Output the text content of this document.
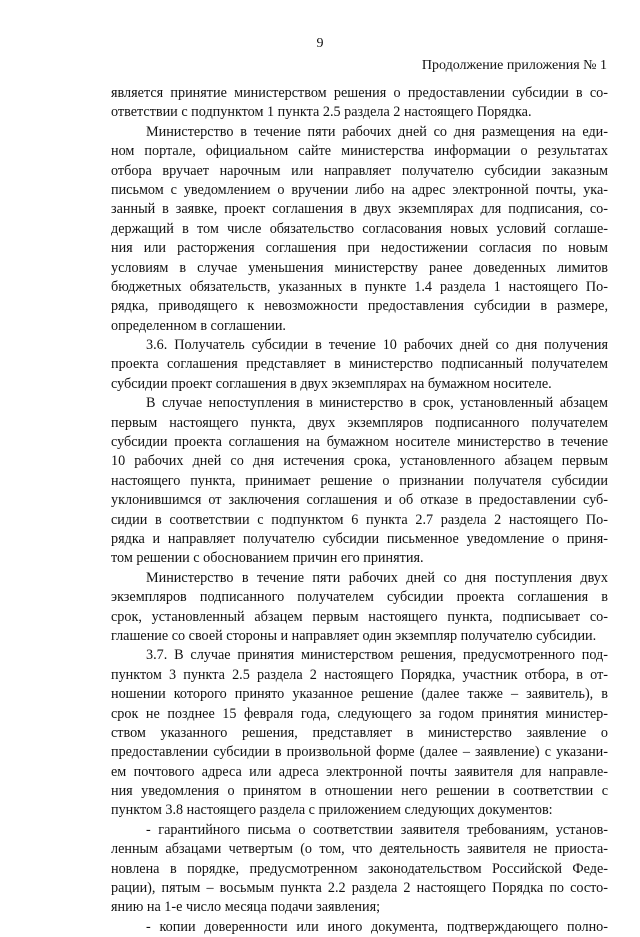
9
Продолжение приложения № 1
является принятие министерством решения о предоставлении субсидии в со-
ответствии с подпунктом 1 пункта 2.5 раздела 2 настоящего Порядка.
Министерство в течение пяти рабочих дней со дня размещения на еди-
ном портале, официальном сайте министерства информации о результатах
отбора вручает нарочным или направляет получателю субсидии заказным
письмом с уведомлением о вручении либо на адрес электронной почты, ука-
занный в заявке, проект соглашения в двух экземплярах для подписания, со-
держащий в том числе обязательство согласования новых условий соглаше-
ния или расторжения соглашения при недостижении согласия по новым
условиям в случае уменьшения министерству ранее доведенных лимитов
бюджетных обязательств, указанных в пункте 1.4 раздела 1 настоящего По-
рядка, приводящего к невозможности предоставления субсидии в размере,
определенном в соглашении.
3.6. Получатель субсидии в течение 10 рабочих дней со дня получения
проекта соглашения представляет в министерство подписанный получателем
субсидии проект соглашения в двух экземплярах на бумажном носителе.
В случае непоступления в министерство в срок, установленный абзацем
первым настоящего пункта, двух экземпляров подписанного получателем
субсидии проекта соглашения на бумажном носителе министерство в течение
10 рабочих дней со дня истечения срока, установленного абзацем первым
настоящего пункта, принимает решение о признании получателя субсидии
уклонившимся от заключения соглашения и об отказе в предоставлении суб-
сидии в соответствии с подпунктом 6 пункта 2.7 раздела 2 настоящего По-
рядка и направляет получателю субсидии письменное уведомление о приня-
том решении с обоснованием причин его принятия.
Министерство в течение пяти рабочих дней со дня поступления двух
экземпляров подписанного получателем субсидии проекта соглашения в
срок, установленный абзацем первым настоящего пункта, подписывает со-
глашение со своей стороны и направляет один экземпляр получателю субсидии.
3.7. В случае принятия министерством решения, предусмотренного под-
пунктом 3 пункта 2.5 раздела 2 настоящего Порядка, участник отбора, в от-
ношении которого принято указанное решение (далее также – заявитель), в
срок не позднее 15 февраля года, следующего за годом принятия министер-
ством указанного решения, представляет в министерство заявление о
предоставлении субсидии в произвольной форме (далее – заявление) с указани-
ем почтового адреса или адреса электронной почты заявителя для направле-
ния уведомления о принятом в отношении него решении в соответствии с
пунктом 3.8 настоящего раздела с приложением следующих документов:
- гарантийного письма о соответствии заявителя требованиям, установ-
ленным абзацами четвертым (о том, что деятельность заявителя не приоста-
новлена в порядке, предусмотренном законодательством Российской Феде-
рации), пятым – восьмым пункта 2.2 раздела 2 настоящего Порядка по состо-
янию на 1-е число месяца подачи заявления;
- копии доверенности или иного документа, подтверждающего полно-
